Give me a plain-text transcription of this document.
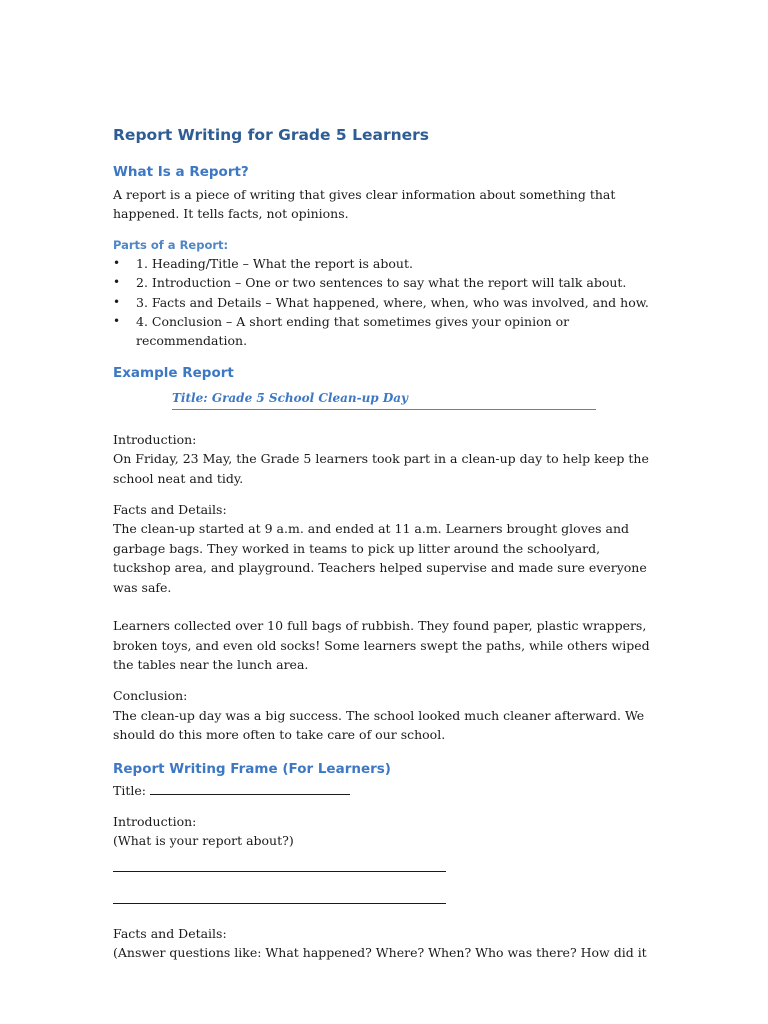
Report Writing for Grade 5 Learners
What Is a Report?

A report is a piece of writing that gives clear information about something that happened. It tells facts, not opinions.

Parts of a Report:
• 1. Heading/Title – What the report is about.
• 2. Introduction – One or two sentences to say what the report will talk about.
• 3. Facts and Details – What happened, where, when, who was involved, and how.
• 4. Conclusion – A short ending that sometimes gives your opinion or recommendation.
Example Report
Title: Grade 5 School Clean-up Day

Introduction:

On Friday, 23 May, the Grade 5 learners took part in a clean-up day to help keep the school neat and tidy.

Facts and Details:

The clean-up started at 9 a.m. and ended at 11 a.m. Learners brought gloves and garbage bags. They worked in teams to pick up litter around the schoolyard, tuckshop area, and playground. Teachers helped supervise and made sure everyone was safe.

Learners collected over 10 full bags of rubbish. They found paper, plastic wrappers, broken toys, and even old socks! Some learners swept the paths, while others wiped the tables near the lunch area.

Conclusion:

The clean-up day was a big success. The school looked much cleaner afterward. We should do this more often to take care of our school.

Report Writing Frame (For Learners)

Title:

Introduction:

(What is your report about?)

Facts and Details:

(Answer questions like: What happened? Where? When? Who was there? How did it
